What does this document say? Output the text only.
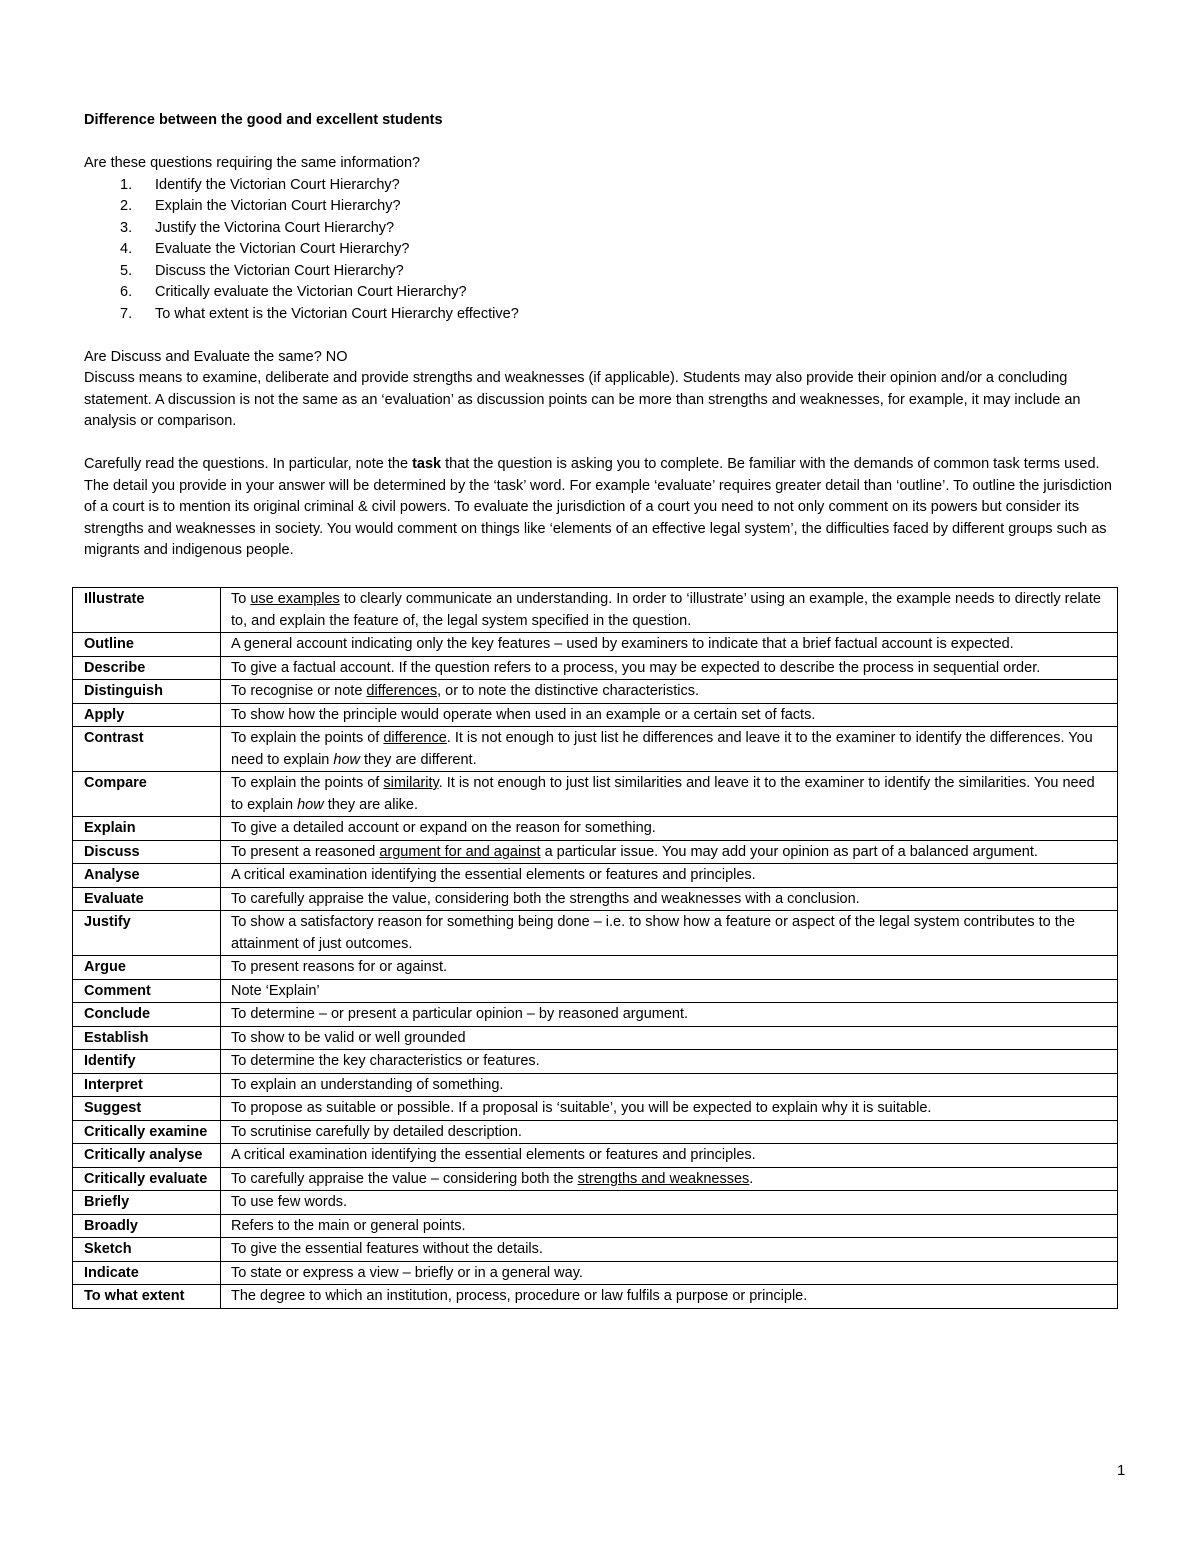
Difference between the good and excellent students

Are these questions requiring the same information?

1. Identify the Victorian Court Hierarchy?
2. Explain the Victorian Court Hierarchy?
3. Justify the Victorina Court Hierarchy?
4. Evaluate the Victorian Court Hierarchy?
5. Discuss the Victorian Court Hierarchy?
6. Critically evaluate the Victorian Court Hierarchy?
7. To what extent is the Victorian Court Hierarchy effective?

Are Discuss and Evaluate the same? NO

Discuss means to examine, deliberate and provide strengths and weaknesses (if applicable). Students may also provide their opinion and/or a concluding statement. A discussion is not the same as an ‘evaluation’ as discussion points can be more than strengths and weaknesses, for example, it may include an analysis or comparison.

Carefully read the questions. In particular, note the task that the question is asking you to complete. Be familiar with the demands of common task terms used. The detail you provide in your answer will be determined by the ‘task’ word. For example ‘evaluate’ requires greater detail than ‘outline’. To outline the jurisdiction of a court is to mention its original criminal & civil powers. To evaluate the jurisdiction of a court you need to not only comment on its powers but consider its strengths and weaknesses in society. You would comment on things like ‘elements of an effective legal system’, the difficulties faced by different groups such as migrants and indigenous people.

Illustrate	To use examples to clearly communicate an understanding. In order to ‘illustrate’ using an example, the example needs to directly relate to, and explain the feature of, the legal system specified in the question.
Outline	A general account indicating only the key features – used by examiners to indicate that a brief factual account is expected.
Describe	To give a factual account. If the question refers to a process, you may be expected to describe the process in sequential order.
Distinguish	To recognise or note differences, or to note the distinctive characteristics.
Apply	To show how the principle would operate when used in an example or a certain set of facts.
Contrast	To explain the points of difference. It is not enough to just list he differences and leave it to the examiner to identify the differences. You need to explain how they are different.
Compare	To explain the points of similarity. It is not enough to just list similarities and leave it to the examiner to identify the similarities. You need to explain how they are alike.
Explain	To give a detailed account or expand on the reason for something.
Discuss	To present a reasoned argument for and against a particular issue. You may add your opinion as part of a balanced argument.
Analyse	A critical examination identifying the essential elements or features and principles.
Evaluate	To carefully appraise the value, considering both the strengths and weaknesses with a conclusion.
Justify	To show a satisfactory reason for something being done – i.e. to show how a feature or aspect of the legal system contributes to the attainment of just outcomes.
Argue	To present reasons for or against.
Comment	Note ‘Explain’
Conclude	To determine – or present a particular opinion – by reasoned argument.
Establish	To show to be valid or well grounded
Identify	To determine the key characteristics or features.
Interpret	To explain an understanding of something.
Suggest	To propose as suitable or possible. If a proposal is ‘suitable’, you will be expected to explain why it is suitable.
Critically examine	To scrutinise carefully by detailed description.
Critically analyse	A critical examination identifying the essential elements or features and principles.
Critically evaluate	To carefully appraise the value – considering both the strengths and weaknesses.
Briefly	To use few words.
Broadly	Refers to the main or general points.
Sketch	To give the essential features without the details.
Indicate	To state or express a view – briefly or in a general way.
To what extent	The degree to which an institution, process, procedure or law fulfils a purpose or principle.
1
